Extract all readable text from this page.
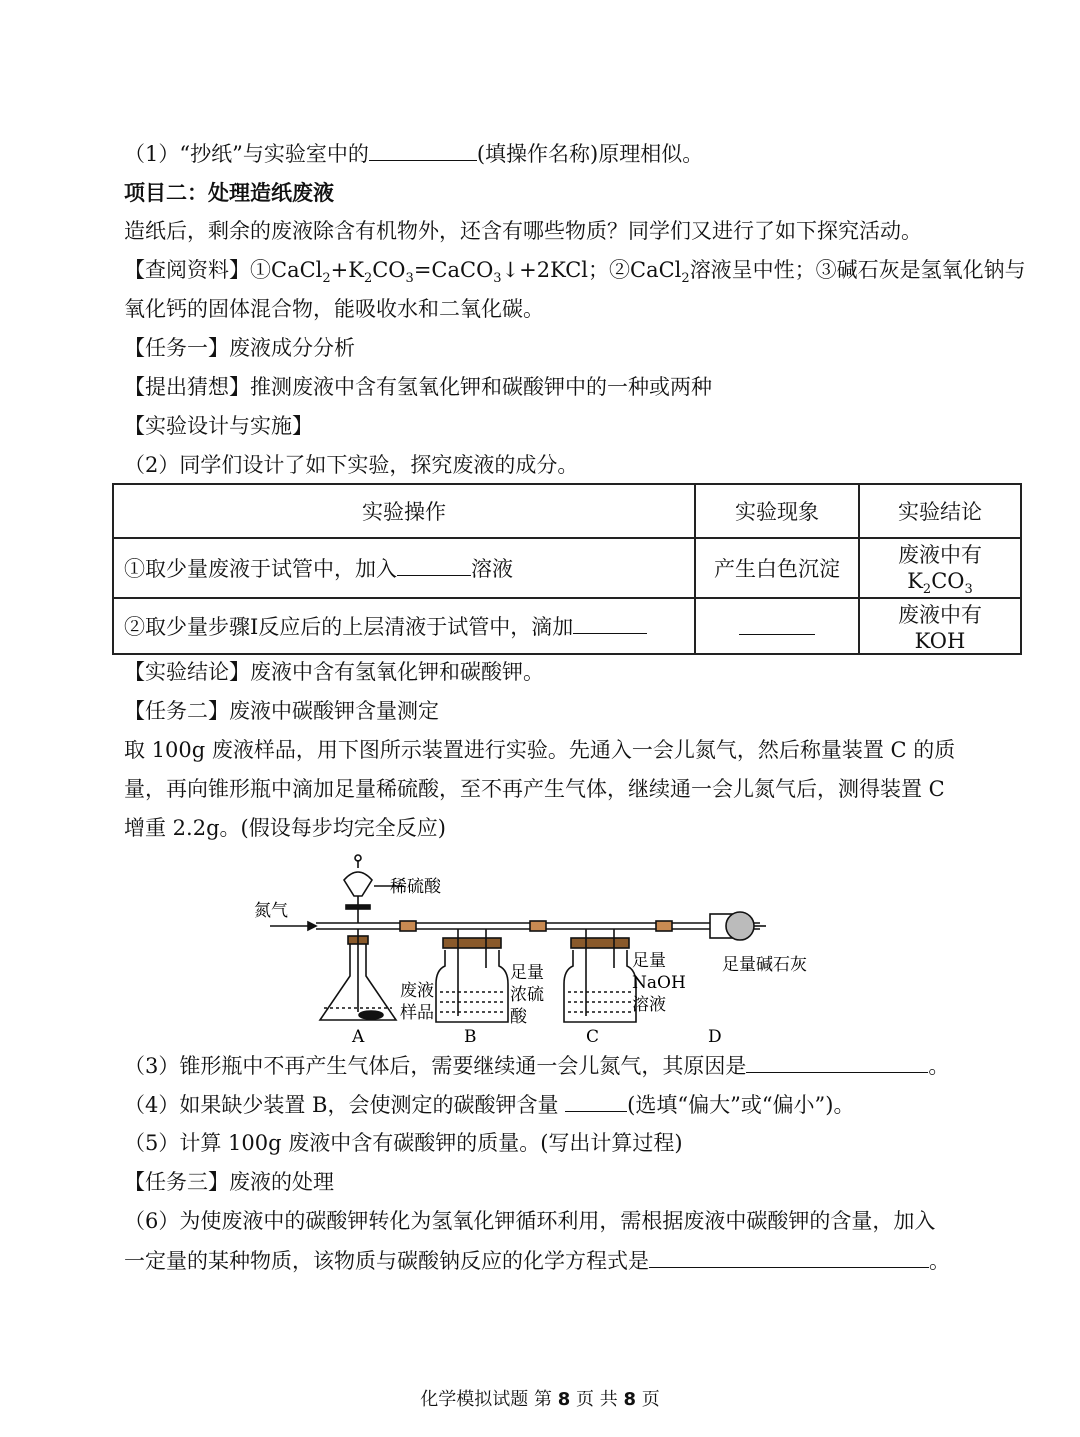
（1）“抄纸”与实验室中的	(填操作名称)原理相似。
项目二：处理造纸废液
造纸后，剩余的废液除含有机物外，还含有哪些物质？同学们又进行了如下探究活动。
【查阅资料】$①CaCl_2+K_2CO_3=CaCO_3↓+2KCl$；②CaCl$_2$溶液呈中性；③碱石灰是氢氧化钠与
氧化钙的固体混合物，能吸收水和二氧化碳。
【任务一】废液成分分析
【提出猜想】推测废液中含有氢氧化钾和碳酸钾中的一种或两种
【实验设计与实施】
（2）同学们设计了如下实验，探究废液的成分。
实验操作	实验现象	实验结论
①取少量废液于试管中，加入 溶液	产生白色沉淀	废液中有 $K_2CO_3$
②取少量步骤Ⅰ反应后的上层清液于试管中，滴加		废液中有 KOH
【实验结论】废液中含有氢氧化钾和碳酸钾。
【任务二】废液中碳酸钾含量测定
取 100g 废液样品，用下图所示装置进行实验。先通入一会儿氮气，然后称量装置 C 的质
量，再向锥形瓶中滴加足量稀硫酸，至不再产生气体，继续通一会儿氮气后，测得装置 C
增重 2.2g。(假设每步均完全反应)
氮气
稀硫酸
废液
样品
足量
浓硫
酸
足量
NaOH
溶液
足量碱石灰
A	B	C	D
（3）锥形瓶中不再产生气体后，需要继续通一会儿氮气，其原因是	。
（4）如果缺少装置 B，会使测定的碳酸钾含量	(选填“偏大”或“偏小”)。
（5）计算 100g 废液中含有碳酸钾的质量。(写出计算过程)
【任务三】废液的处理
（6）为使废液中的碳酸钾转化为氢氧化钾循环利用，需根据废液中碳酸钾的含量，加入
一定量的某种物质，该物质与碳酸钠反应的化学方程式是	。
化学模拟试题 第 8 页 共 8 页
